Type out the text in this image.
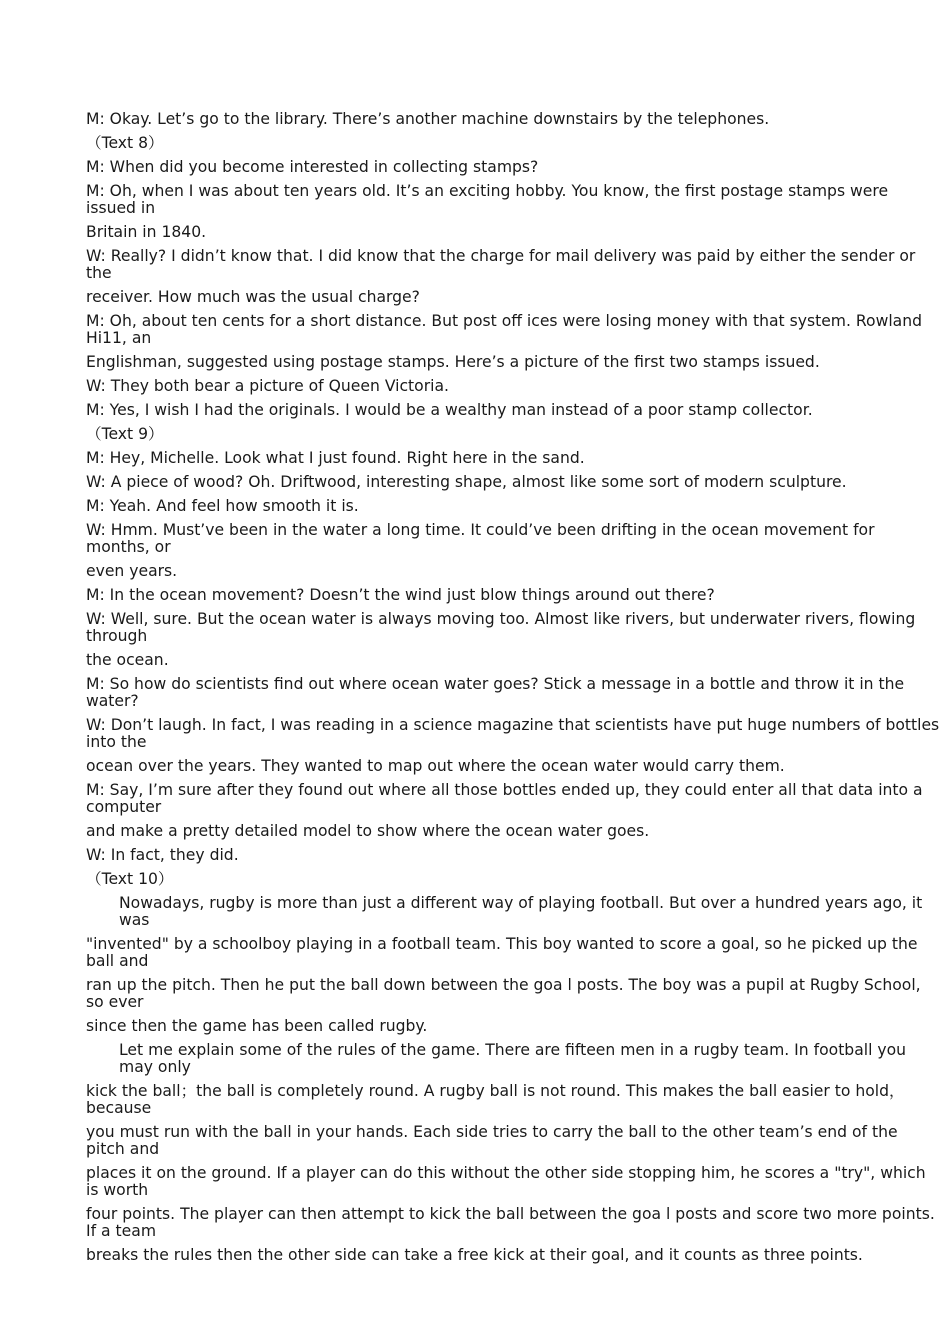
M: Okay. Let’s go to the library. There’s another machine downstairs by the telephones.

（Text 8）

M: When did you become interested in collecting stamps?

M: Oh, when I was about ten years old. It’s an exciting hobby. You know, the first postage stamps were issued in

Britain in 1840.

W: Really? I didn’t know that. I did know that the charge for mail delivery was paid by either the sender or the

receiver. How much was the usual charge?

M: Oh, about ten cents for a short distance. But post off ices were losing money with that system. Rowland Hi11, an

Englishman, suggested using postage stamps. Here’s a picture of the first two stamps issued.

W: They both bear a picture of Queen Victoria.

M: Yes, I wish I had the originals. I would be a wealthy man instead of a poor stamp collector.

（Text 9）

M: Hey, Michelle. Look what I just found. Right here in the sand.

W: A piece of wood? Oh. Driftwood, interesting shape, almost like some sort of modern sculpture.

M: Yeah. And feel how smooth it is.

W: Hmm. Must’ve been in the water a long time. It could’ve been drifting in the ocean movement for months, or

even years.

M: In the ocean movement? Doesn’t the wind just blow things around out there?

W: Well, sure. But the ocean water is always moving too. Almost like rivers, but underwater rivers, flowing through

the ocean.

M: So how do scientists find out where ocean water goes? Stick a message in a bottle and throw it in the water?

W: Don’t laugh. In fact, I was reading in a science magazine that scientists have put huge numbers of bottles into the

ocean over the years. They wanted to map out where the ocean water would carry them.

M: Say, I’m sure after they found out where all those bottles ended up, they could enter all that data into a computer

and make a pretty detailed model to show where the ocean water goes.

W: In fact, they did.

（Text 10）

Nowadays, rugby is more than just a different way of playing football. But over a hundred years ago, it was

"invented" by a schoolboy playing in a football team. This boy wanted to score a goal, so he picked up the ball and

ran up the pitch. Then he put the ball down between the goa l posts. The boy was a pupil at Rugby School, so ever

since then the game has been called rugby.

Let me explain some of the rules of the game. There are fifteen men in a rugby team. In football you may only

kick the ball；the ball is completely round. A rugby ball is not round. This makes the ball easier to hold，because

you must run with the ball in your hands. Each side tries to carry the ball to the other team’s end of the pitch and

places it on the ground. If a player can do this without the other side stopping him, he scores a "try", which is worth

four points. The player can then attempt to kick the ball between the goa l posts and score two more points. If a team

breaks the rules then the other side can take a free kick at their goal, and it counts as three points.
